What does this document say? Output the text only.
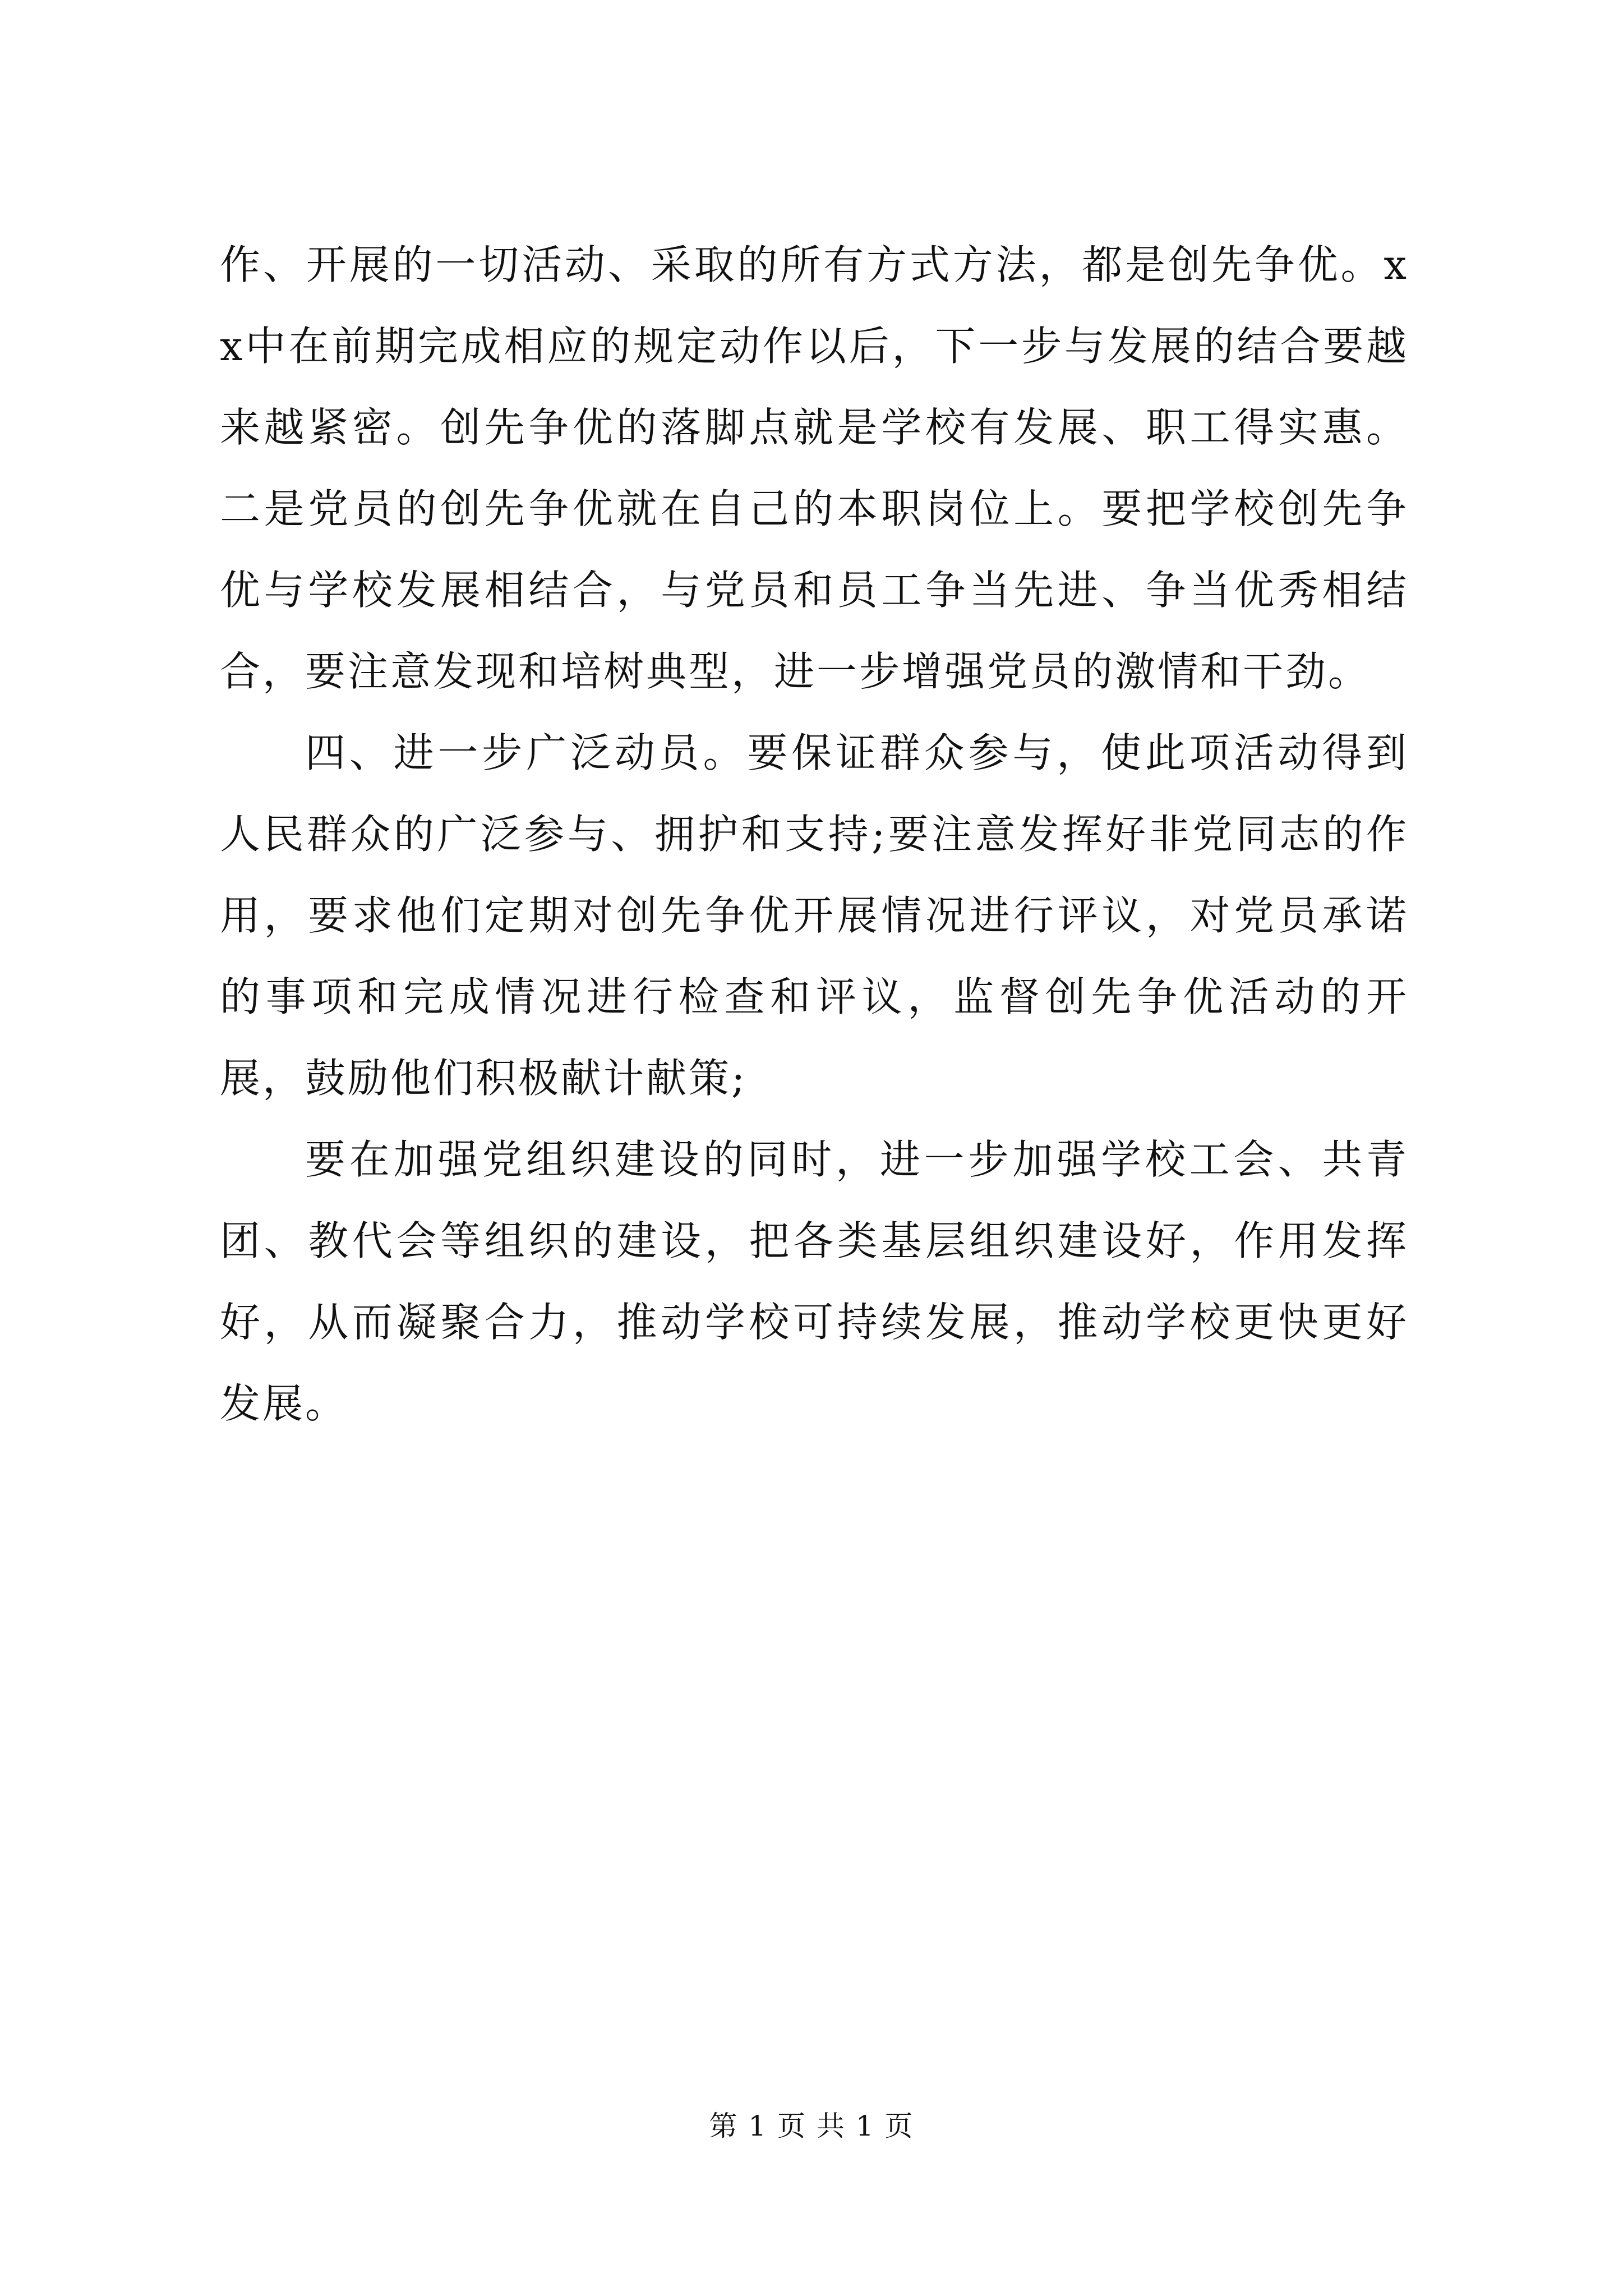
作、开展的一切活动、采取的所有方式方法，都是创先争优。xx中在前期完成相应的规定动作以后，下一步与发展的结合要越来越紧密。创先争优的落脚点就是学校有发展、职工得实惠。二是党员的创先争优就在自己的本职岗位上。要把学校创先争优与学校发展相结合，与党员和员工争当先进、争当优秀相结合，要注意发现和培树典型，进一步增强党员的激情和干劲。

四、进一步广泛动员。要保证群众参与，使此项活动得到人民群众的广泛参与、拥护和支持;要注意发挥好非党同志的作用，要求他们定期对创先争优开展情况进行评议，对党员承诺的事项和完成情况进行检查和评议，监督创先争优活动的开展，鼓励他们积极献计献策;

要在加强党组织建设的同时，进一步加强学校工会、共青团、教代会等组织的建设，把各类基层组织建设好，作用发挥好，从而凝聚合力，推动学校可持续发展，推动学校更快更好发展。

第 1 页 共 1 页
